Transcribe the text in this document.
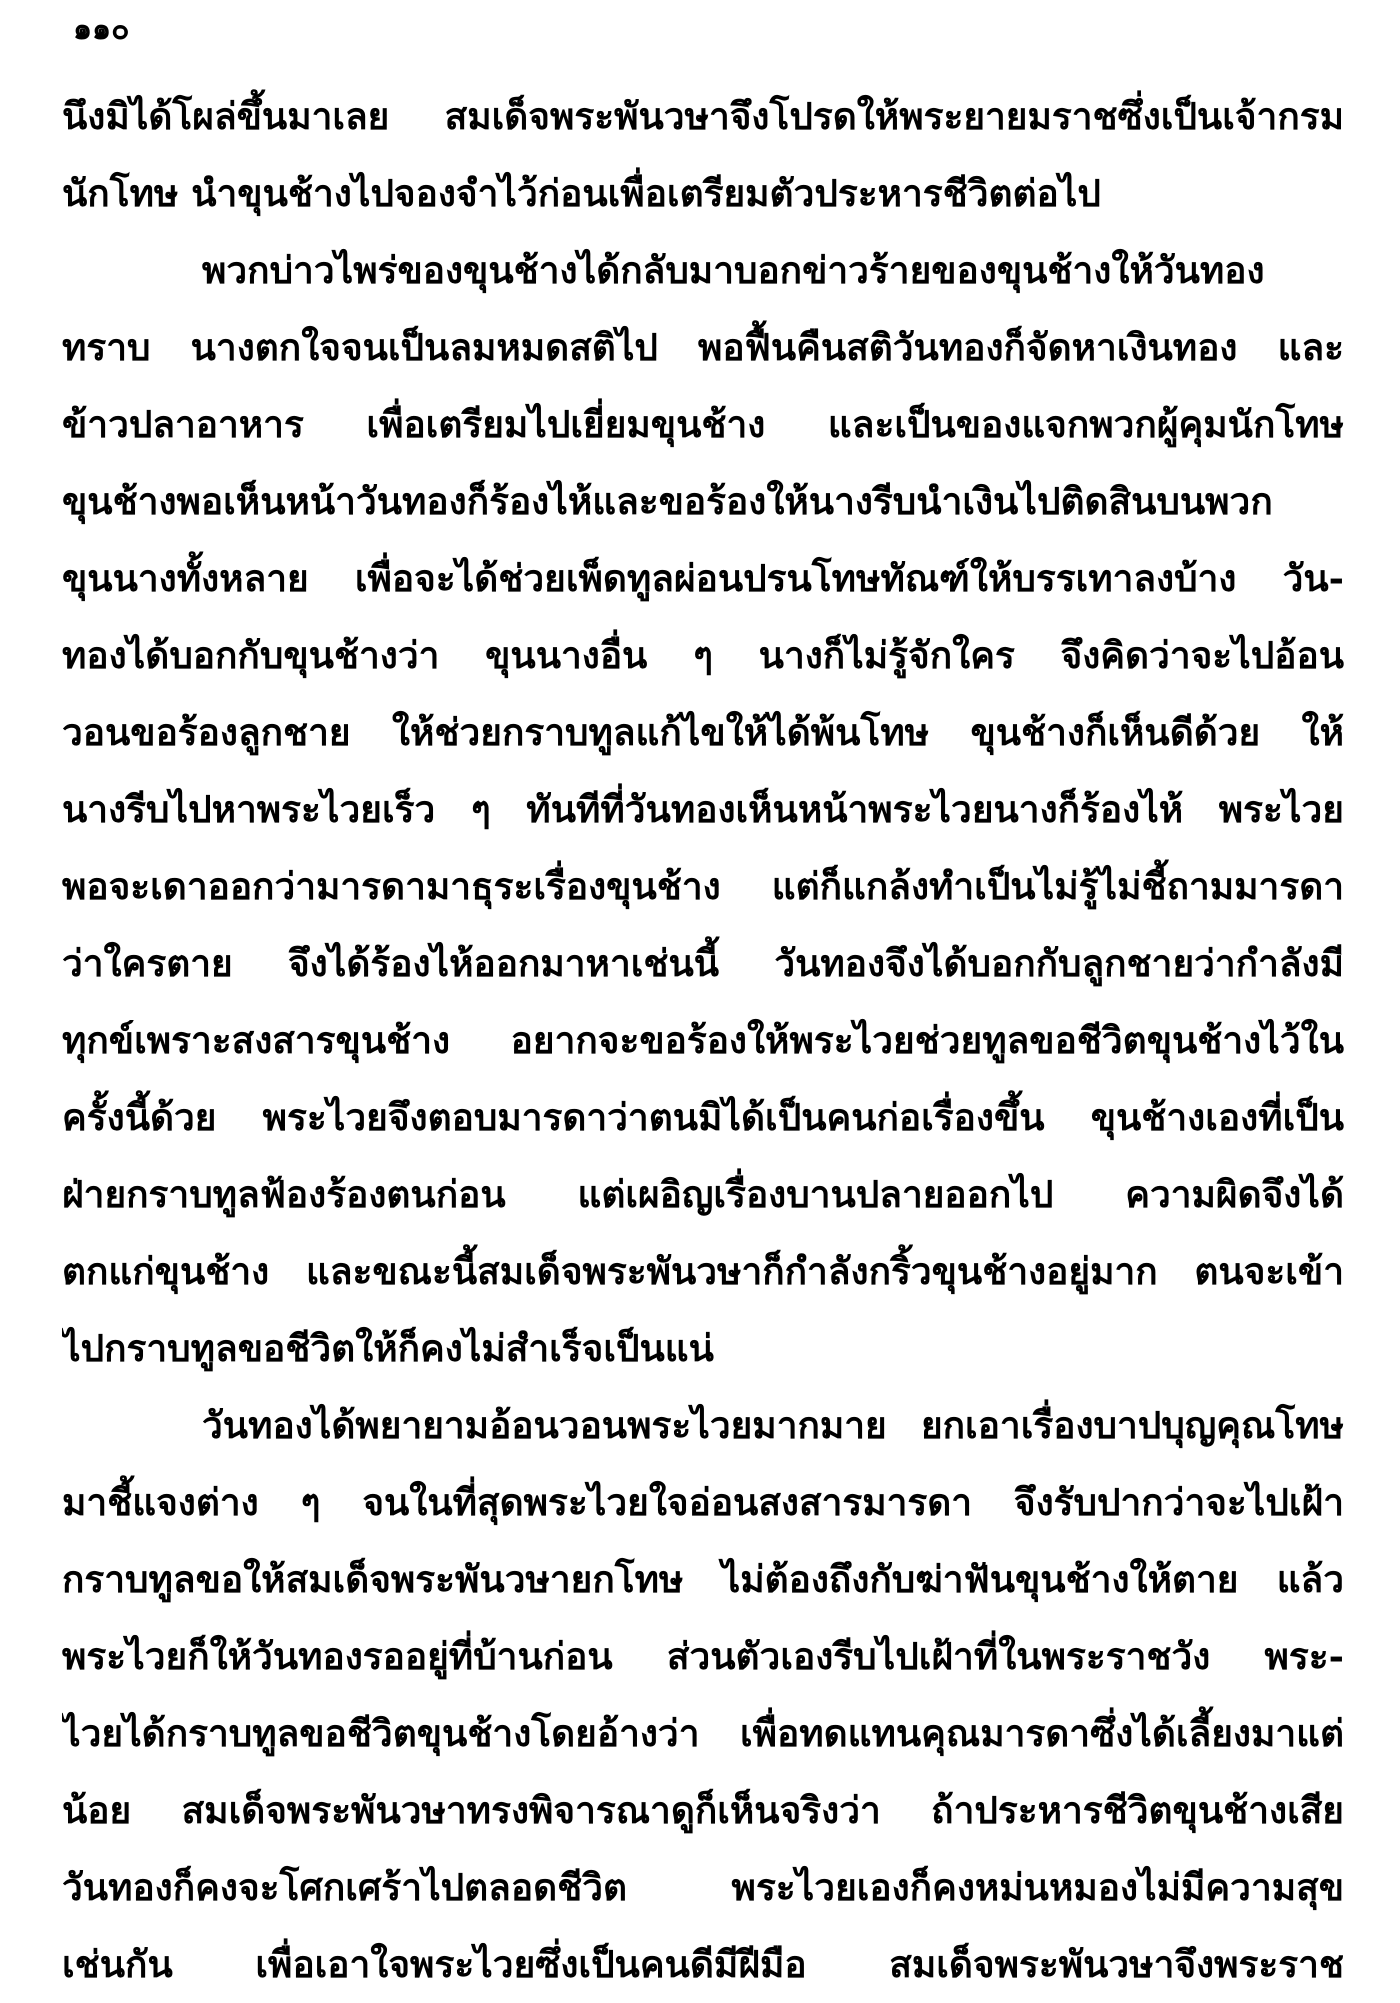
๑๑๐
นึงมิได้โผล่ขึ้นมาเลย สมเด็จพระพันวษาจึงโปรดให้พระยายมราชซึ่งเป็นเจ้ากรม
นักโทษ นำขุนช้างไปจองจำไว้ก่อนเพื่อเตรียมตัวประหารชีวิตต่อไป
พวกบ่าวไพร่ของขุนช้างได้กลับมาบอกข่าวร้ายของขุนช้างให้วันทอง
ทราบ นางตกใจจนเป็นลมหมดสติไป พอฟื้นคืนสติวันทองก็จัดหาเงินทอง และ
ข้าวปลาอาหาร เพื่อเตรียมไปเยี่ยมขุนช้าง และเป็นของแจกพวกผู้คุมนักโทษ
ขุนช้างพอเห็นหน้าวันทองก็ร้องไห้และขอร้องให้นางรีบนำเงินไปติดสินบนพวก
ขุนนางทั้งหลาย เพื่อจะได้ช่วยเพ็ดทูลผ่อนปรนโทษทัณฑ์ให้บรรเทาลงบ้าง วัน-
ทองได้บอกกับขุนช้างว่า ขุนนางอื่น ๆ นางก็ไม่รู้จักใคร จึงคิดว่าจะไปอ้อน
วอนขอร้องลูกชาย ให้ช่วยกราบทูลแก้ไขให้ได้พ้นโทษ ขุนช้างก็เห็นดีด้วย ให้
นางรีบไปหาพระไวยเร็ว ๆ ทันทีที่วันทองเห็นหน้าพระไวยนางก็ร้องไห้ พระไวย
พอจะเดาออกว่ามารดามาธุระเรื่องขุนช้าง แต่ก็แกล้งทำเป็นไม่รู้ไม่ชี้ถามมารดา
ว่าใครตาย จึงได้ร้องไห้ออกมาหาเช่นนี้ วันทองจึงได้บอกกับลูกชายว่ากำลังมี
ทุกข์เพราะสงสารขุนช้าง อยากจะขอร้องให้พระไวยช่วยทูลขอชีวิตขุนช้างไว้ใน
ครั้งนี้ด้วย พระไวยจึงตอบมารดาว่าตนมิได้เป็นคนก่อเรื่องขึ้น ขุนช้างเองที่เป็น
ฝ่ายกราบทูลฟ้องร้องตนก่อน แต่เผอิญเรื่องบานปลายออกไป ความผิดจึงได้
ตกแก่ขุนช้าง และขณะนี้สมเด็จพระพันวษาก็กำลังกริ้วขุนช้างอยู่มาก ตนจะเข้า
ไปกราบทูลขอชีวิตให้ก็คงไม่สำเร็จเป็นแน่
วันทองได้พยายามอ้อนวอนพระไวยมากมาย ยกเอาเรื่องบาปบุญคุณโทษ
มาชี้แจงต่าง ๆ จนในที่สุดพระไวยใจอ่อนสงสารมารดา จึงรับปากว่าจะไปเฝ้า
กราบทูลขอให้สมเด็จพระพันวษายกโทษ ไม่ต้องถึงกับฆ่าฟันขุนช้างให้ตาย แล้ว
พระไวยก็ให้วันทองรออยู่ที่บ้านก่อน ส่วนตัวเองรีบไปเฝ้าที่ในพระราชวัง พระ-
ไวยได้กราบทูลขอชีวิตขุนช้างโดยอ้างว่า เพื่อทดแทนคุณมารดาซึ่งได้เลี้ยงมาแต่
น้อย สมเด็จพระพันวษาทรงพิจารณาดูก็เห็นจริงว่า ถ้าประหารชีวิตขุนช้างเสีย
วันทองก็คงจะโศกเศร้าไปตลอดชีวิต พระไวยเองก็คงหม่นหมองไม่มีความสุข
เช่นกัน เพื่อเอาใจพระไวยซึ่งเป็นคนดีมีฝีมือ สมเด็จพระพันวษาจึงพระราช
